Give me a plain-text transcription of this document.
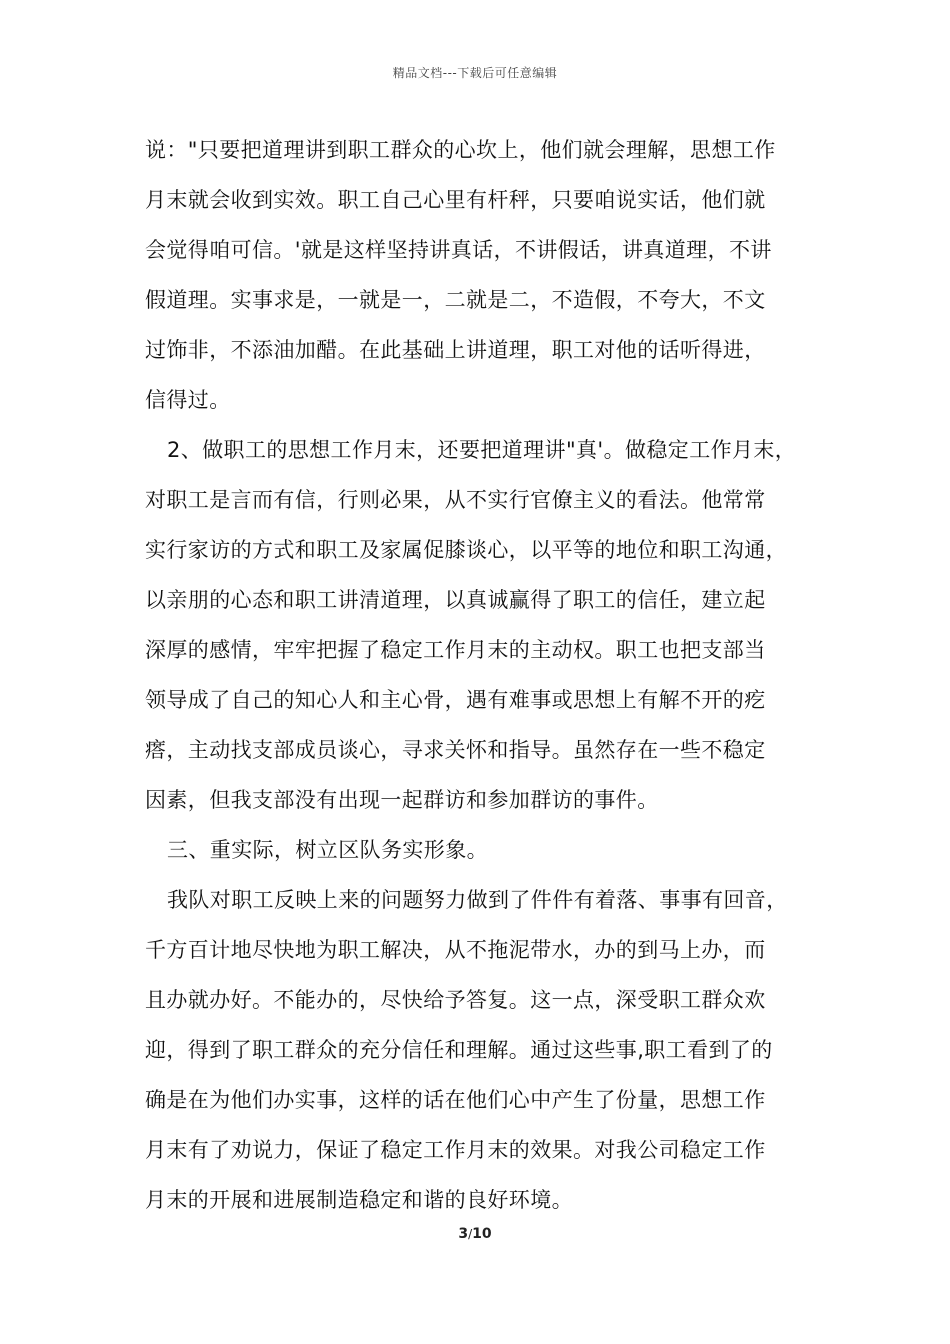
精品文档---下载后可任意编辑
说："只要把道理讲到职工群众的心坎上，他们就会理解，思想工作
月末就会收到实效。职工自己心里有杆秤，只要咱说实话，他们就
会觉得咱可信。'就是这样坚持讲真话，不讲假话，讲真道理，不讲
假道理。实事求是，一就是一，二就是二，不造假，不夸大，不文
过饰非，不添油加醋。在此基础上讲道理，职工对他的话听得进，
信得过。
2、做职工的思想工作月末，还要把道理讲"真'。做稳定工作月末，
对职工是言而有信，行则必果，从不实行官僚主义的看法。他常常
实行家访的方式和职工及家属促膝谈心，以平等的地位和职工沟通，
以亲朋的心态和职工讲清道理，以真诚赢得了职工的信任，建立起
深厚的感情，牢牢把握了稳定工作月末的主动权。职工也把支部当
领导成了自己的知心人和主心骨，遇有难事或思想上有解不开的疙
瘩，主动找支部成员谈心，寻求关怀和指导。虽然存在一些不稳定
因素，但我支部没有出现一起群访和参加群访的事件。
三、重实际，树立区队务实形象。
我队对职工反映上来的问题努力做到了件件有着落、事事有回音，
千方百计地尽快地为职工解决，从不拖泥带水，办的到马上办，而
且办就办好。不能办的，尽快给予答复。这一点，深受职工群众欢
迎，得到了职工群众的充分信任和理解。通过这些事,职工看到了的
确是在为他们办实事，这样的话在他们心中产生了份量，思想工作
月末有了劝说力，保证了稳定工作月末的效果。对我公司稳定工作
月末的开展和进展制造稳定和谐的良好环境。
3/10
